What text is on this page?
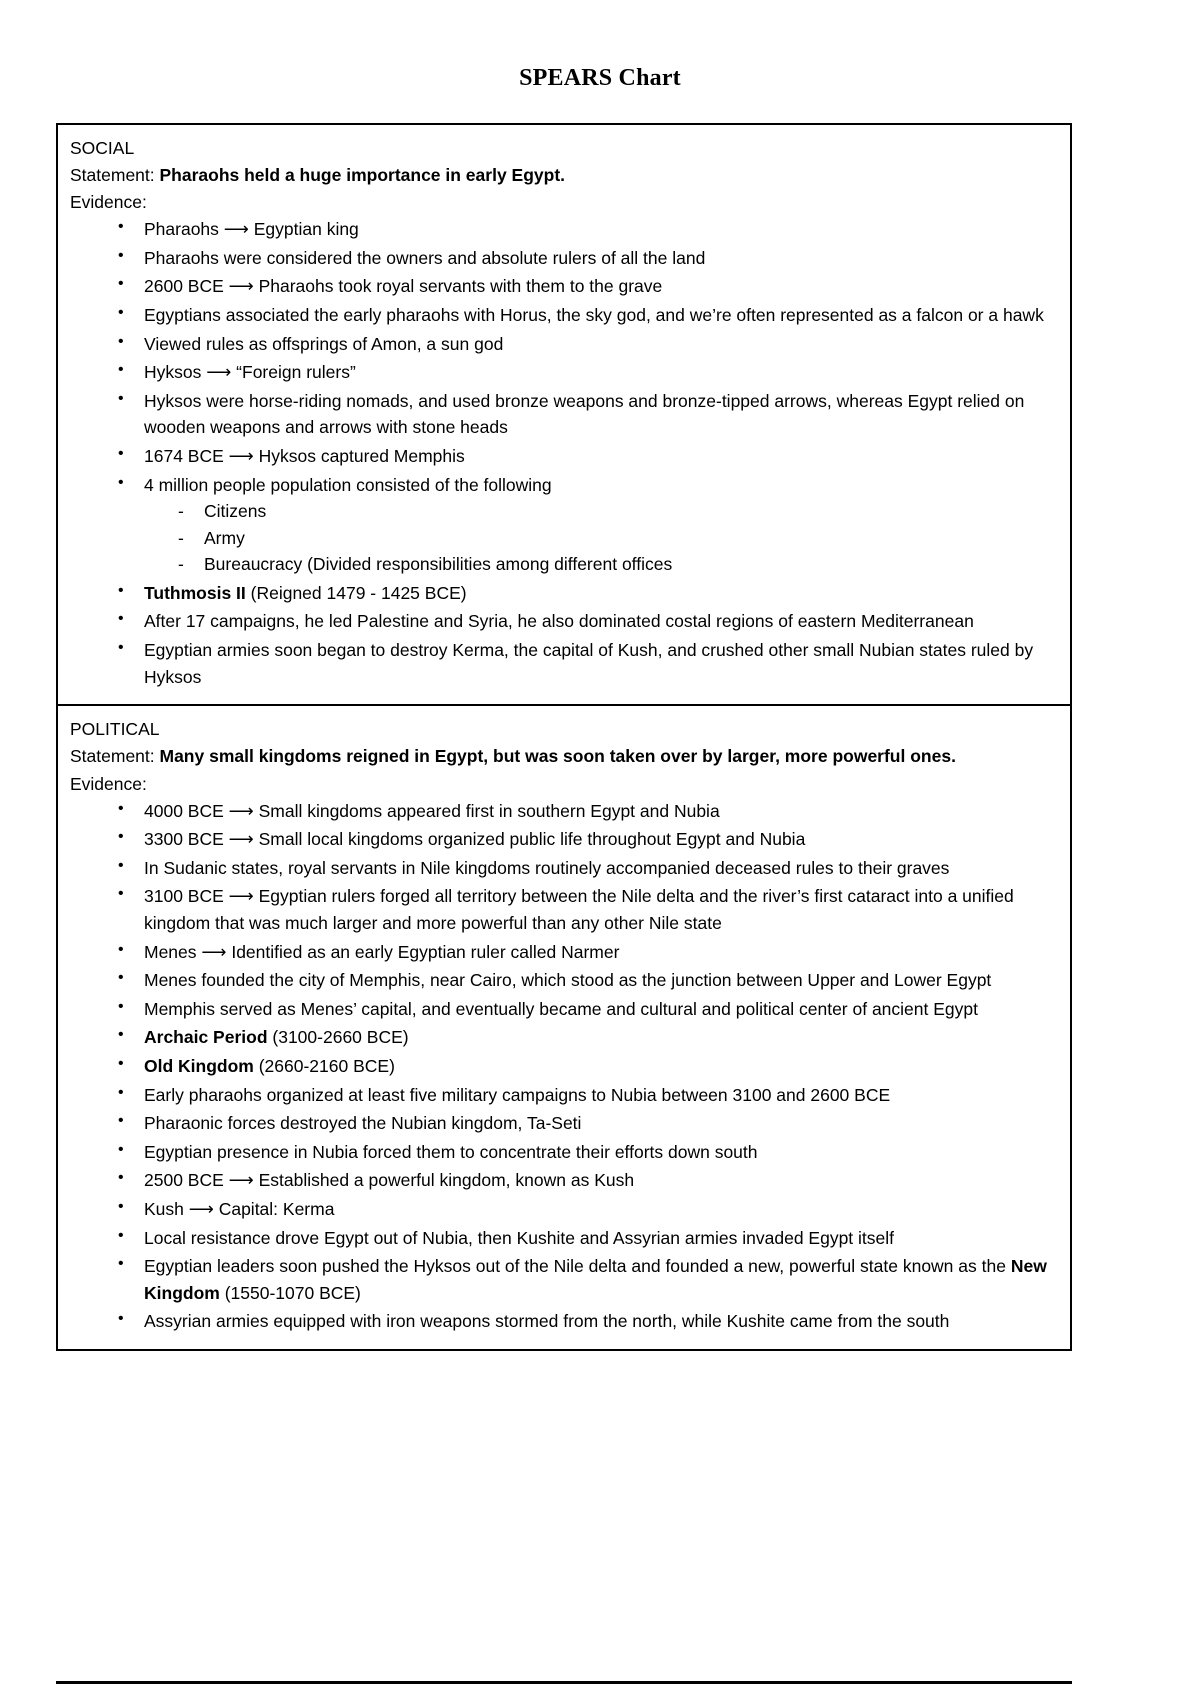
SPEARS Chart
SOCIAL
Statement: Pharaohs held a huge importance in early Egypt.
Evidence:
• Pharaohs ⟶ Egyptian king
• Pharaohs were considered the owners and absolute rulers of all the land
• 2600 BCE ⟶ Pharaohs took royal servants with them to the grave
• Egyptians associated the early pharaohs with Horus, the sky god, and we’re often represented as a falcon or a hawk
• Viewed rules as offsprings of Amon, a sun god
• Hyksos ⟶ “Foreign rulers”
• Hyksos were horse-riding nomads, and used bronze weapons and bronze-tipped arrows, whereas Egypt relied on wooden weapons and arrows with stone heads
• 1674 BCE ⟶ Hyksos captured Memphis
• 4 million people population consisted of the following
- Citizens
- Army
- Bureaucracy (Divided responsibilities among different offices
• Tuthmosis II (Reigned 1479 - 1425 BCE)
• After 17 campaigns, he led Palestine and Syria, he also dominated costal regions of eastern Mediterranean
• Egyptian armies soon began to destroy Kerma, the capital of Kush, and crushed other small Nubian states ruled by Hyksos

POLITICAL
Statement: Many small kingdoms reigned in Egypt, but was soon taken over by larger, more powerful ones.
Evidence:
• 4000 BCE ⟶ Small kingdoms appeared first in southern Egypt and Nubia
• 3300 BCE ⟶ Small local kingdoms organized public life throughout Egypt and Nubia
• In Sudanic states, royal servants in Nile kingdoms routinely accompanied deceased rules to their graves
• 3100 BCE ⟶ Egyptian rulers forged all territory between the Nile delta and the river’s first cataract into a unified kingdom that was much larger and more powerful than any other Nile state
• Menes ⟶ Identified as an early Egyptian ruler called Narmer
• Menes founded the city of Memphis, near Cairo, which stood as the junction between Upper and Lower Egypt
• Memphis served as Menes’ capital, and eventually became and cultural and political center of ancient Egypt
• Archaic Period (3100-2660 BCE)
• Old Kingdom (2660-2160 BCE)
• Early pharaohs organized at least five military campaigns to Nubia between 3100 and 2600 BCE
• Pharaonic forces destroyed the Nubian kingdom, Ta-Seti
• Egyptian presence in Nubia forced them to concentrate their efforts down south
• 2500 BCE ⟶ Established a powerful kingdom, known as Kush
• Kush ⟶ Capital: Kerma
• Local resistance drove Egypt out of Nubia, then Kushite and Assyrian armies invaded Egypt itself
• Egyptian leaders soon pushed the Hyksos out of the Nile delta and founded a new, powerful state known as the New Kingdom (1550-1070 BCE)
• Assyrian armies equipped with iron weapons stormed from the north, while Kushite came from the south
